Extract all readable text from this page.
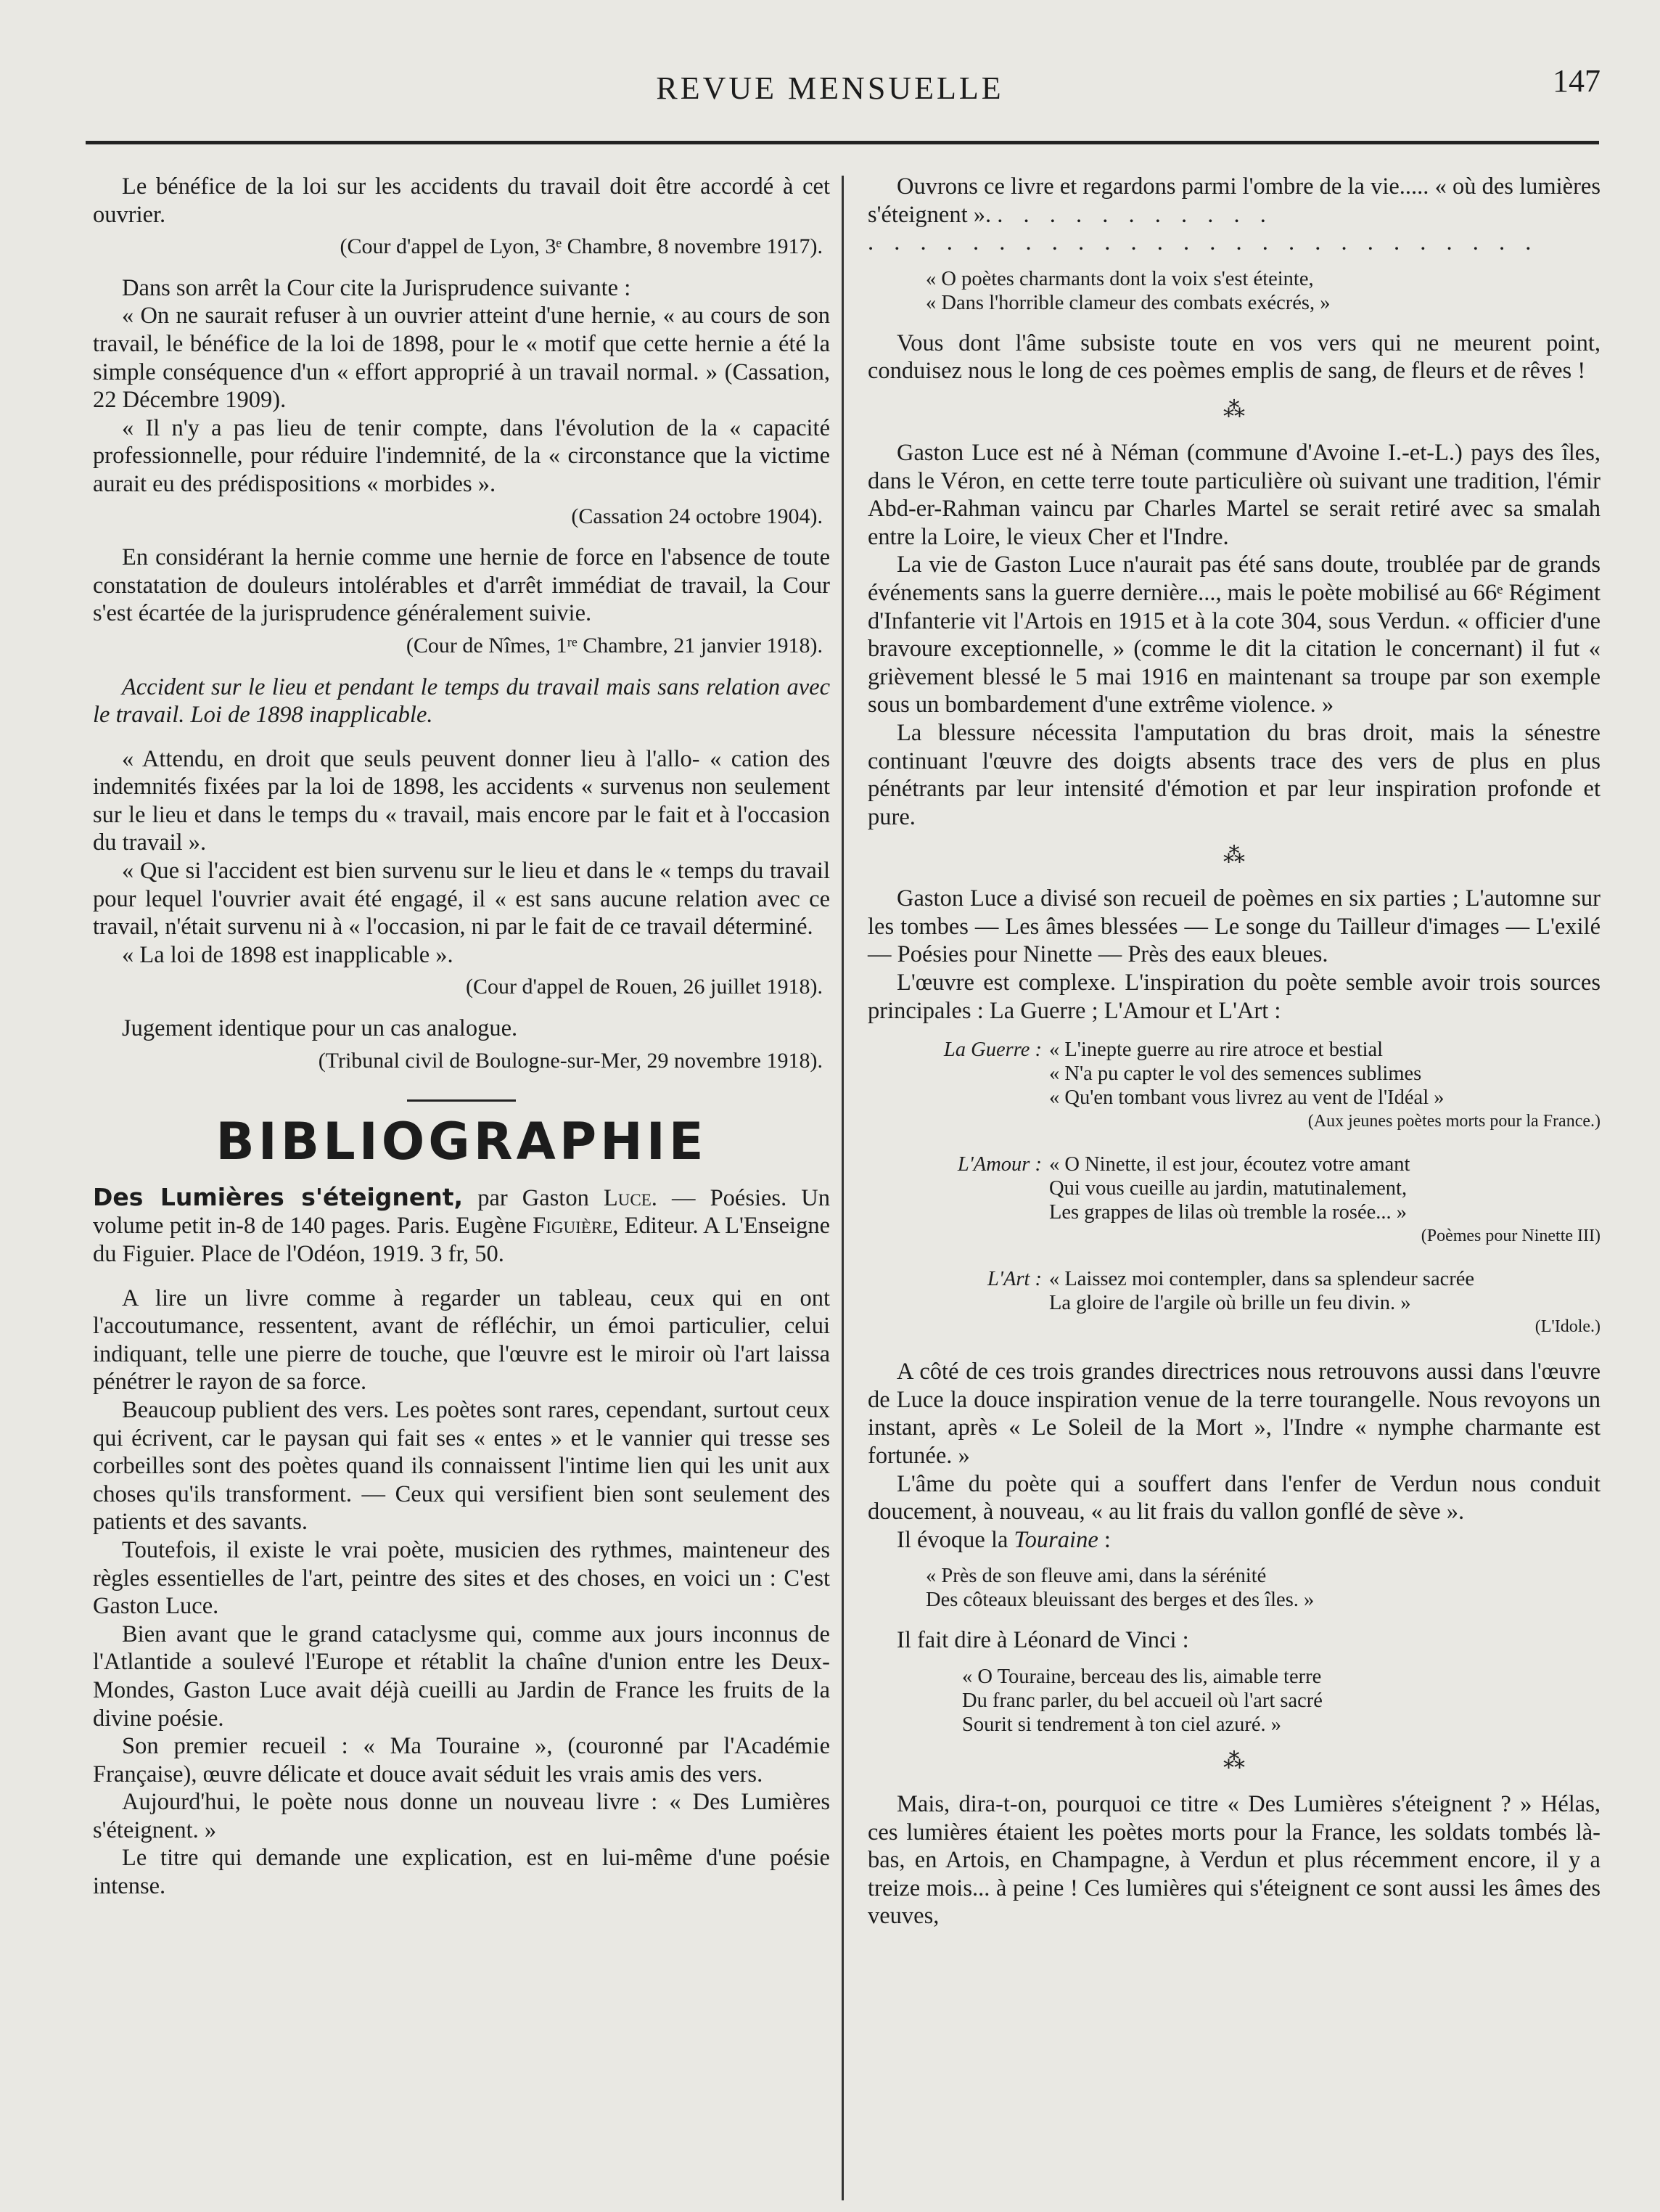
REVUE MENSUELLE	147

Le bénéfice de la loi sur les accidents du travail doit être accordé à cet ouvrier.

(Cour d'appel de Lyon, 3ᵉ Chambre, 8 novembre 1917).

Dans son arrêt la Cour cite la Jurisprudence suivante :

« On ne saurait refuser à un ouvrier atteint d'une hernie, « au cours de son travail, le bénéfice de la loi de 1898, pour le « motif que cette hernie a été la simple conséquence d'un « effort approprié à un travail normal. » (Cassation, 22 Décembre 1909).

« Il n'y a pas lieu de tenir compte, dans l'évolution de la « capacité professionnelle, pour réduire l'indemnité, de la « circonstance que la victime aurait eu des prédispositions « morbides ».

(Cassation 24 octobre 1904).

En considérant la hernie comme une hernie de force en l'absence de toute constatation de douleurs intolérables et d'arrêt immédiat de travail, la Cour s'est écartée de la jurisprudence généralement suivie.

(Cour de Nîmes, 1ʳᵉ Chambre, 21 janvier 1918).

Accident sur le lieu et pendant le temps du travail mais sans relation avec le travail. Loi de 1898 inapplicable.

« Attendu, en droit que seuls peuvent donner lieu à l'allo- « cation des indemnités fixées par la loi de 1898, les accidents « survenus non seulement sur le lieu et dans le temps du « travail, mais encore par le fait et à l'occasion du travail ».

« Que si l'accident est bien survenu sur le lieu et dans le « temps du travail pour lequel l'ouvrier avait été engagé, il « est sans aucune relation avec ce travail, n'était survenu ni à « l'occasion, ni par le fait de ce travail déterminé.

« La loi de 1898 est inapplicable ».

(Cour d'appel de Rouen, 26 juillet 1918).

Jugement identique pour un cas analogue.

(Tribunal civil de Boulogne-sur-Mer, 29 novembre 1918).

BIBLIOGRAPHIE

Des Lumières s'éteignent, par Gaston Luce. — Poésies. Un volume petit in-8 de 140 pages. Paris. Eugène Figuière, Editeur. A L'Enseigne du Figuier. Place de l'Odéon, 1919. 3 fr, 50.

A lire un livre comme à regarder un tableau, ceux qui en ont l'accoutumance, ressentent, avant de réfléchir, un émoi particulier, celui indiquant, telle une pierre de touche, que l'œuvre est le miroir où l'art laissa pénétrer le rayon de sa force.

Beaucoup publient des vers. Les poètes sont rares, cependant, surtout ceux qui écrivent, car le paysan qui fait ses « entes » et le vannier qui tresse ses corbeilles sont des poètes quand ils connaissent l'intime lien qui les unit aux choses qu'ils transforment. — Ceux qui versifient bien sont seulement des patients et des savants.

Toutefois, il existe le vrai poète, musicien des rythmes, mainteneur des règles essentielles de l'art, peintre des sites et des choses, en voici un : C'est Gaston Luce.

Bien avant que le grand cataclysme qui, comme aux jours inconnus de l'Atlantide a soulevé l'Europe et rétablit la chaîne d'union entre les Deux-Mondes, Gaston Luce avait déjà cueilli au Jardin de France les fruits de la divine poésie.

Son premier recueil : « Ma Touraine », (couronné par l'Académie Française), œuvre délicate et douce avait séduit les vrais amis des vers.

Aujourd'hui, le poète nous donne un nouveau livre : « Des Lumières s'éteignent. »

Le titre qui demande une explication, est en lui-même d'une poésie intense.

Ouvrons ce livre et regardons parmi l'ombre de la vie..... « où des lumières s'éteignent ». . . . . . . . . . . .

. . . . . . . . . . . . . . . . . . . . . . . . . .

« O poètes charmants dont la voix s'est éteinte,
« Dans l'horrible clameur des combats exécrés, »

Vous dont l'âme subsiste toute en vos vers qui ne meurent point, conduisez nous le long de ces poèmes emplis de sang, de fleurs et de rêves !

⁂

Gaston Luce est né à Néman (commune d'Avoine I.-et-L.) pays des îles, dans le Véron, en cette terre toute particulière où suivant une tradition, l'émir Abd-er-Rahman vaincu par Charles Martel se serait retiré avec sa smalah entre la Loire, le vieux Cher et l'Indre.

La vie de Gaston Luce n'aurait pas été sans doute, troublée par de grands événements sans la guerre dernière..., mais le poète mobilisé au 66ᵉ Régiment d'Infanterie vit l'Artois en 1915 et à la cote 304, sous Verdun. « officier d'une bravoure exceptionnelle, » (comme le dit la citation le concernant) il fut « grièvement blessé le 5 mai 1916 en maintenant sa troupe par son exemple sous un bombardement d'une extrême violence. »

La blessure nécessita l'amputation du bras droit, mais la sénestre continuant l'œuvre des doigts absents trace des vers de plus en plus pénétrants par leur intensité d'émotion et par leur inspiration profonde et pure.

⁂

Gaston Luce a divisé son recueil de poèmes en six parties ; L'automne sur les tombes — Les âmes blessées — Le songe du Tailleur d'images — L'exilé — Poésies pour Ninette — Près des eaux bleues.

L'œuvre est complexe. L'inspiration du poète semble avoir trois sources principales : La Guerre ; L'Amour et L'Art :

La Guerre : « L'inepte guerre au rire atroce et bestial
« N'a pu capter le vol des semences sublimes
« Qu'en tombant vous livrez au vent de l'Idéal »
(Aux jeunes poètes morts pour la France.)
L'Amour : « O Ninette, il est jour, écoutez votre amant
Qui vous cueille au jardin, matutinalement,
Les grappes de lilas où tremble la rosée... »
(Poèmes pour Ninette III)
L'Art : « Laissez moi contempler, dans sa splendeur sacrée
La gloire de l'argile où brille un feu divin. »
(L'Idole.)

A côté de ces trois grandes directrices nous retrouvons aussi dans l'œuvre de Luce la douce inspiration venue de la terre tourangelle. Nous revoyons un instant, après « Le Soleil de la Mort », l'Indre « nymphe charmante est fortunée. »

L'âme du poète qui a souffert dans l'enfer de Verdun nous conduit doucement, à nouveau, « au lit frais du vallon gonflé de sève ».

Il évoque la Touraine :

« Près de son fleuve ami, dans la sérénité
Des côteaux bleuissant des berges et des îles. »

Il fait dire à Léonard de Vinci :

« O Touraine, berceau des lis, aimable terre
Du franc parler, du bel accueil où l'art sacré
Sourit si tendrement à ton ciel azuré. »
⁂

Mais, dira-t-on, pourquoi ce titre « Des Lumières s'éteignent ? » Hélas, ces lumières étaient les poètes morts pour la France, les soldats tombés là-bas, en Artois, en Champagne, à Verdun et plus récemment encore, il y a treize mois... à peine ! Ces lumières qui s'éteignent ce sont aussi les âmes des veuves,
